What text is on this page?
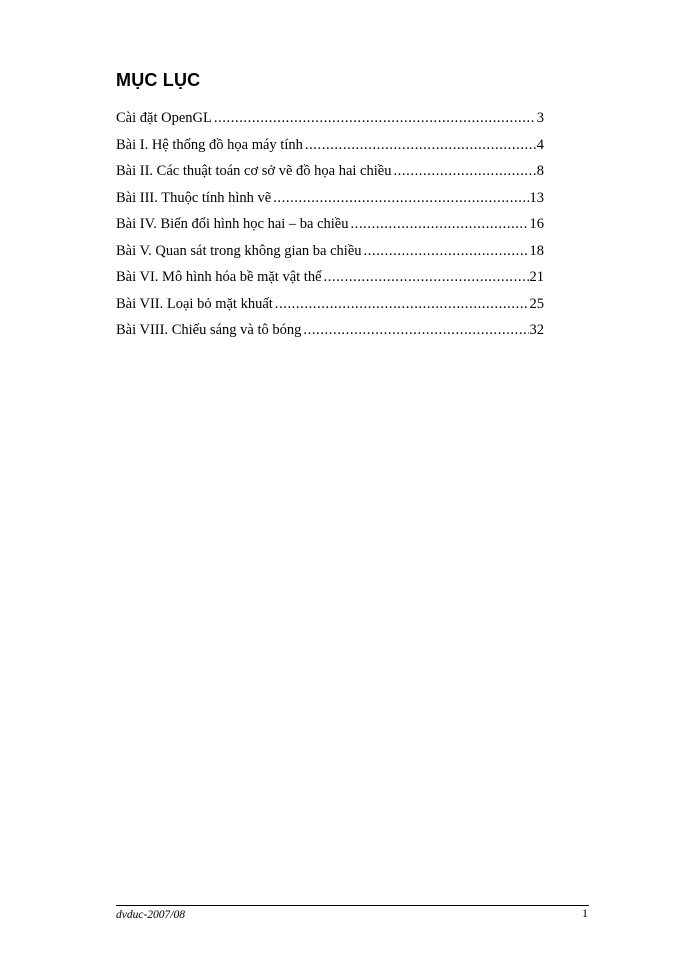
MỤC LỤC
Cài đặt OpenGL .....	3
Bài I. Hệ thống đồ họa máy tính .....	4
Bài II. Các thuật toán cơ sở vẽ đồ họa hai chiều .....	8
Bài III. Thuộc tính hình vẽ .....	13
Bài IV. Biến đổi hình học hai – ba chiều .....	16
Bài V. Quan sát trong không gian ba chiều .....	18
Bài VI. Mô hình hóa bề mặt vật thể .....	21
Bài VII. Loại bỏ mặt khuất .....	25
Bài VIII. Chiếu sáng và tô bóng .....	32
dvduc-2007/08	1
